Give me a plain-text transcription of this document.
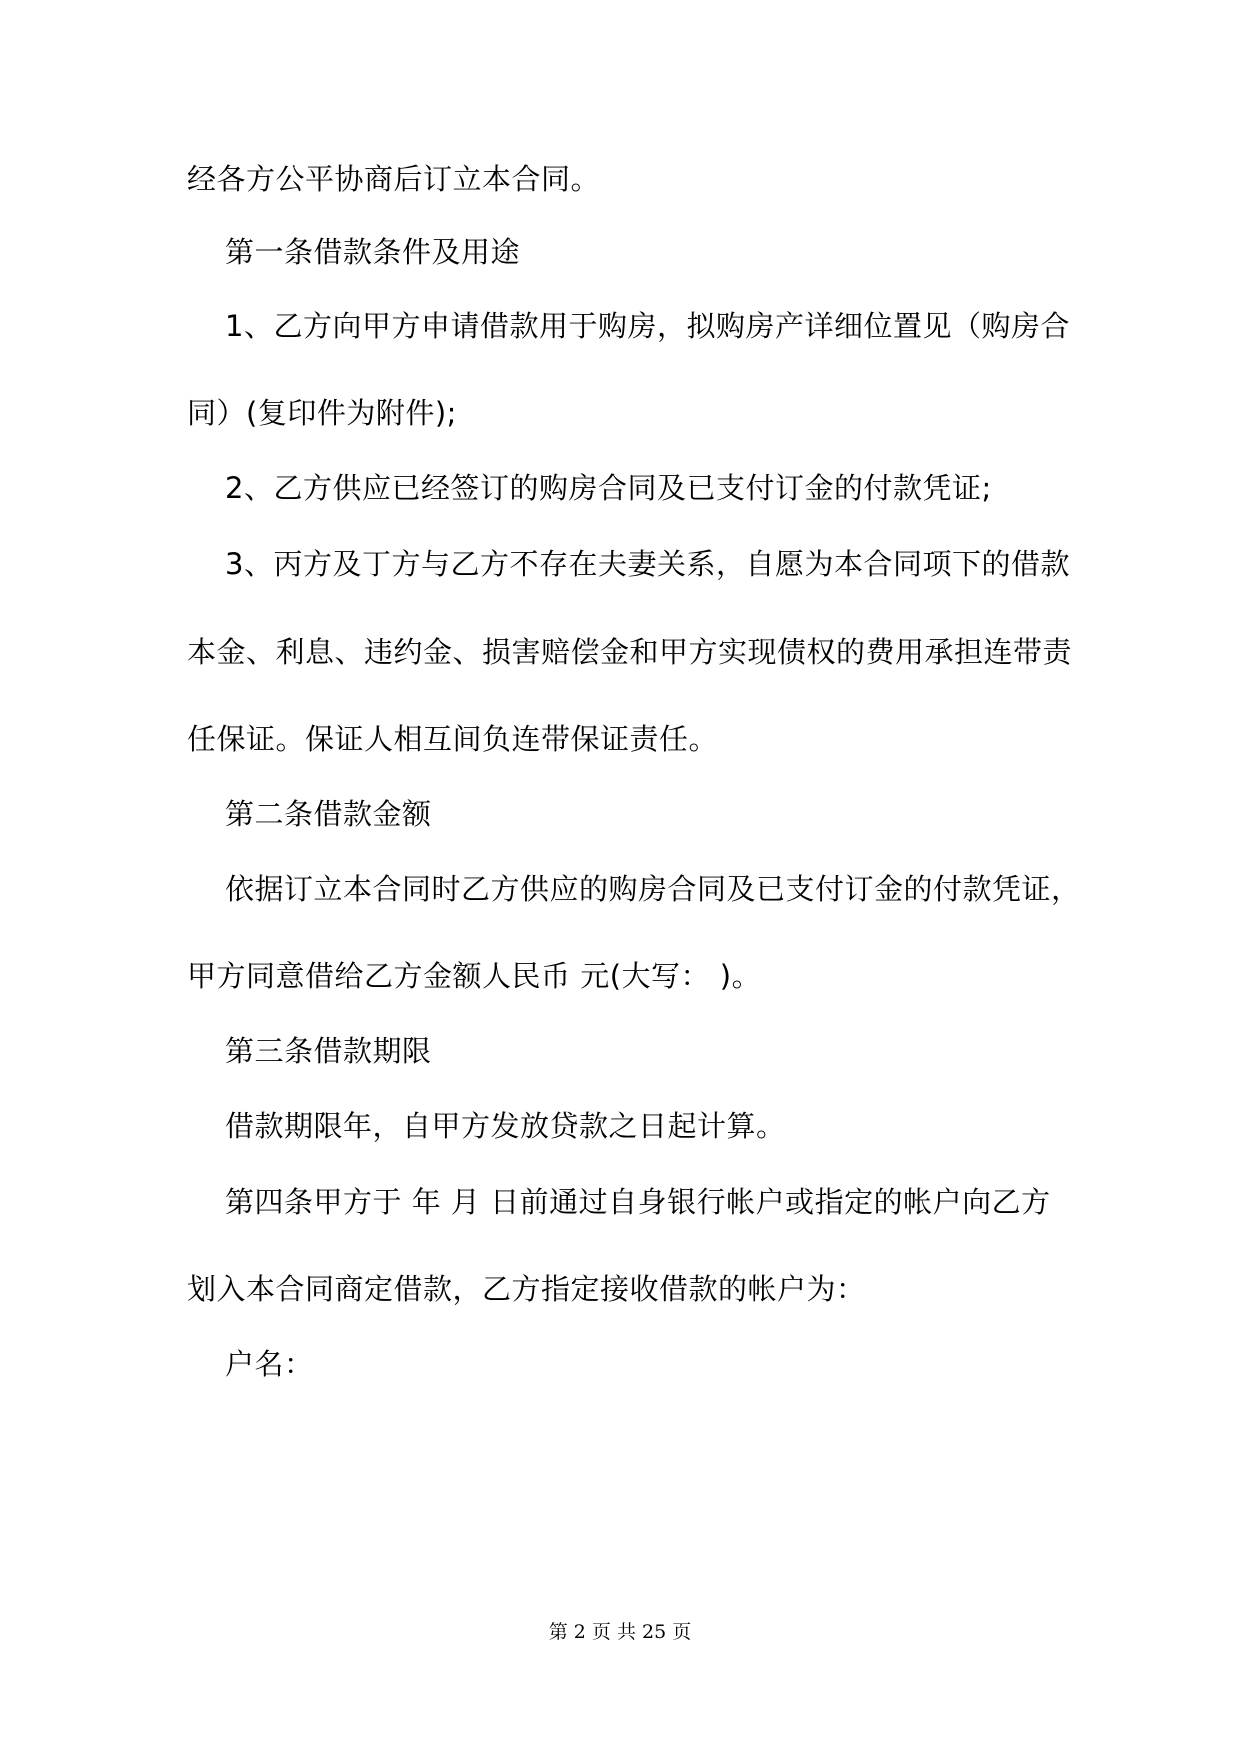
经各方公平协商后订立本合同。
第一条借款条件及用途
1、乙方向甲方申请借款用于购房，拟购房产详细位置见（购房合
同）(复印件为附件);
2、乙方供应已经签订的购房合同及已支付订金的付款凭证;
3、丙方及丁方与乙方不存在夫妻关系，自愿为本合同项下的借款
本金、利息、违约金、损害赔偿金和甲方实现债权的费用承担连带责
任保证。保证人相互间负连带保证责任。
第二条借款金额
依据订立本合同时乙方供应的购房合同及已支付订金的付款凭证，
甲方同意借给乙方金额人民币 元(大写： )。
第三条借款期限
借款期限年，自甲方发放贷款之日起计算。
第四条甲方于 年 月 日前通过自身银行帐户或指定的帐户向乙方
划入本合同商定借款，乙方指定接收借款的帐户为：
户名：
第 2 页 共 25 页
